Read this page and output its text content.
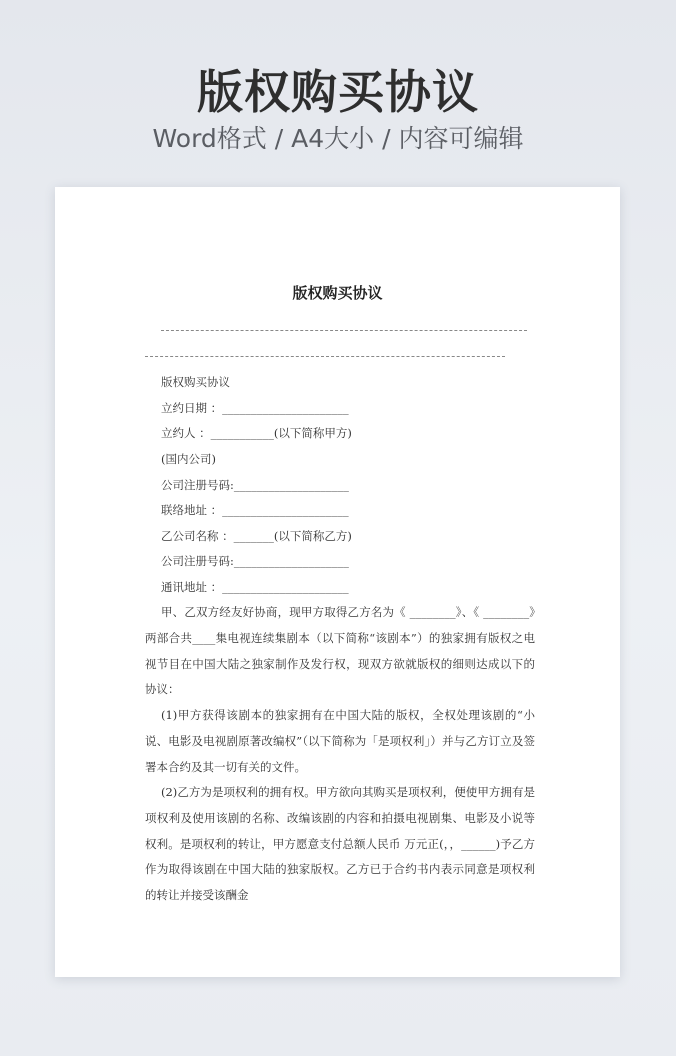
版权购买协议
Word格式 / A4大小 / 内容可编辑
版权购买协议
版权购买协议
立约日期 ：______________________
立约人 ：___________(以下简称甲方)
(国内公司)
公司注册号码:____________________
联络地址 ：______________________
乙公司名称 ：_______(以下简称乙方)
公司注册号码:____________________
通讯地址 ：______________________
甲、乙双方经友好协商，现甲方取得乙方名为《 ________》、《 ________》两部合共____集电视连续集剧本（以下简称“该剧本”）的独家拥有版权之电视节目在中国大陆之独家制作及发行权，现双方欲就版权的细则达成以下的协议：
(1)甲方获得该剧本的独家拥有在中国大陆的版权，全权处理该剧的“小说、电影及电视剧原著改编权”（以下简称为「是项权利」）并与乙方订立及签署本合约及其一切有关的文件。
(2)乙方为是项权利的拥有权。甲方欲向其购买是项权利，便使甲方拥有是项权利及使用该剧的名称、改编该剧的内容和拍摄电视剧集、电影及小说等权利。是项权利的转让，甲方愿意支付总额人民币 万元正(，，______)予乙方作为取得该剧在中国大陆的独家版权。乙方已于合约书内表示同意是项权利的转让并接受该酬金
